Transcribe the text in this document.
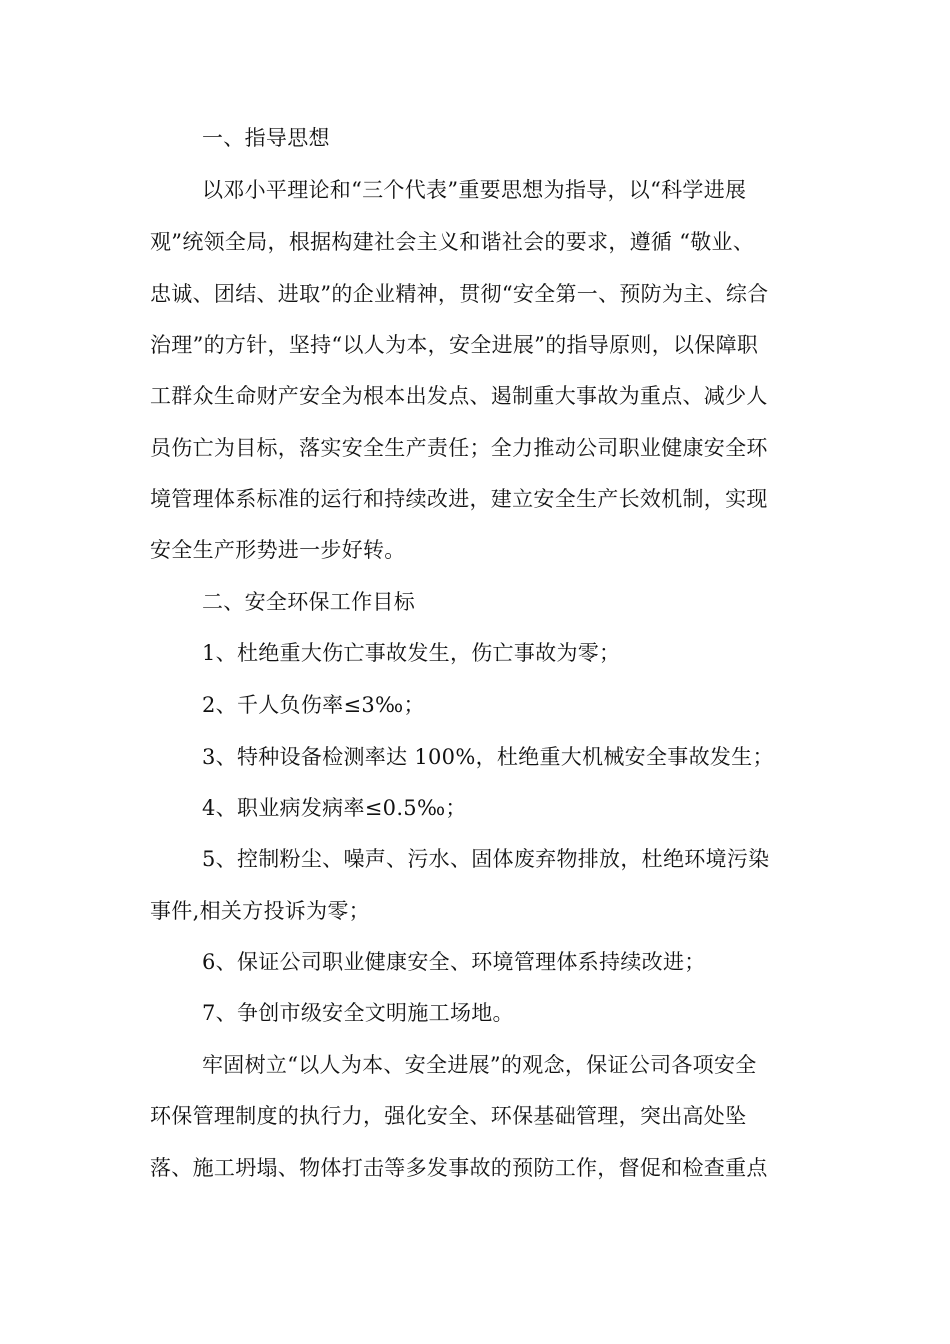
一、指导思想
以邓小平理论和“三个代表”重要思想为指导，以“科学进展
观”统领全局，根据构建社会主义和谐社会的要求，遵循 “敬业、
忠诚、团结、进取”的企业精神，贯彻“安全第一、预防为主、综合
治理”的方针，坚持“以人为本，安全进展”的指导原则，以保障职
工群众生命财产安全为根本出发点、遏制重大事故为重点、减少人
员伤亡为目标，落实安全生产责任；全力推动公司职业健康安全环
境管理体系标准的运行和持续改进，建立安全生产长效机制，实现
安全生产形势进一步好转。
二、安全环保工作目标
1、杜绝重大伤亡事故发生，伤亡事故为零；
2、千人负伤率≤3‰；
3、特种设备检测率达 100%，杜绝重大机械安全事故发生；
4、职业病发病率≤0.5‰；
5、控制粉尘、噪声、污水、固体废弃物排放，杜绝环境污染
事件,相关方投诉为零；
6、保证公司职业健康安全、环境管理体系持续改进；
7、争创市级安全文明施工场地。
牢固树立“以人为本、安全进展”的观念，保证公司各项安全
环保管理制度的执行力，强化安全、环保基础管理，突出高处坠
落、施工坍塌、物体打击等多发事故的预防工作，督促和检查重点
